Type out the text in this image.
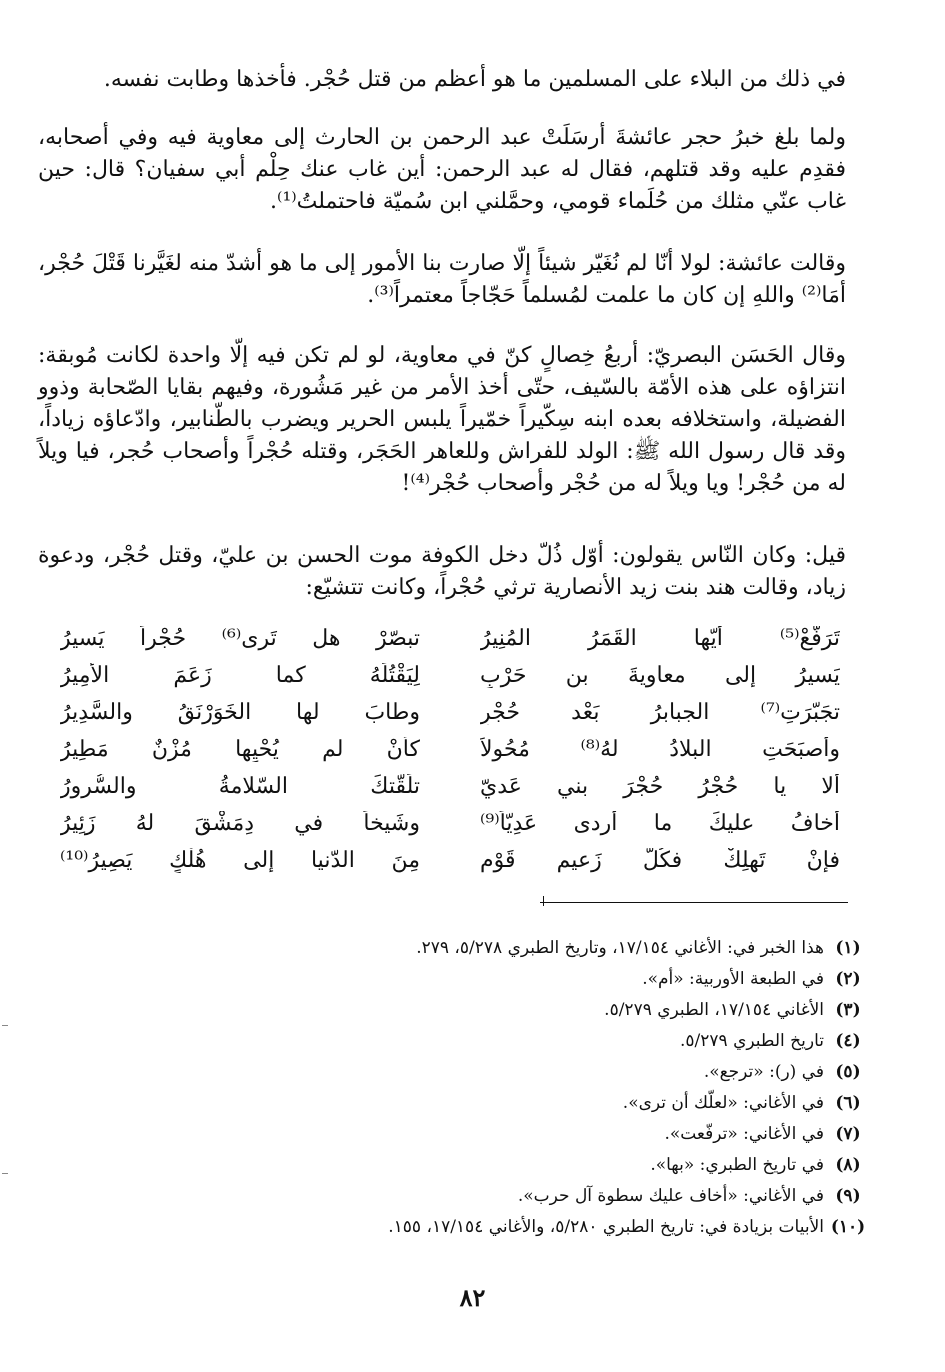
في ذلك من البلاء على المسلمين ما هو أعظم من قتل حُجْر. فأخذها وطابت نفسه.

ولما بلغ خبرُ حجر عائشةَ أرسَلَتْ عبد الرحمن بن الحارث إلى معاوية فيه وفي أصحابه، فقدِم عليه وقد قتلهم، فقال له عبد الرحمن: أين غاب عنك حِلْم أبي سفيان؟ قال: حين غاب عنّي مثلك من حُلَماء قومي، وحمَّلني ابن سُميّة فاحتملتُ⁽¹⁾.

وقالت عائشة: لولا أنّا لم نُغَيّر شيئاً إلّا صارت بنا الأمور إلى ما هو أشدّ منه لغَيَّرنا قَتْلَ حُجْر، أمَا⁽²⁾ واللهِ إن كان ما علمت لمُسلماً حَجّاجاً معتمراً⁽³⁾.

وقال الحَسَن البصريّ: أربعُ خِصالٍ كنّ في معاوية، لو لم تكن فيه إلّا واحدة لكانت مُوبقة: انتزاؤه على هذه الأمّة بالسّيف، حتّى أخذ الأمر من غير مَشُورة، وفيهم بقايا الصّحابة وذوو الفضيلة، واستخلافه بعده ابنه سِكّيراً خمّيراً يلبس الحرير ويضرب بالطّنابير، وادّعاؤه زياداً، وقد قال رسول الله ﷺ: الولد للفراش وللعاهر الحَجَر، وقتله حُجْراً وأصحاب حُجر، فيا ويلاً له من حُجْر! ويا ويلاً له من حُجْر وأصحاب حُجْر⁽⁴⁾!

قيل: وكان النّاس يقولون: أوّل ذُلّ دخل الكوفة موت الحسن بن عليّ، وقتل حُجْر، ودعوة زياد، وقالت هند بنت زيد الأنصارية ترثي حُجْراً، وكانت تتشيّع:

تَرَفّعْ⁽⁵⁾ أيّها القَمَرُ المُنِيرُ
تبصّرْ هل تَرى⁽⁶⁾ حُجْراً يَسيرُ
يَسيرُ إلى معاويةَ بنِ حَرْبٍ
لِيَقْتُلَهُ كما زَعَمَ الأمِيرُ
تجَبّرَتِ⁽⁷⁾ الجبابرُ بَعْد حُجْرٍ
وطابَ لها الخَوَرْنَقُ والسَّدِيرُ
وأصبَحَتِ البلادُ لهُ⁽⁸⁾ مُحُولاً
كأنْ لم يُحْيِها مُزْنٌ مَطِيرُ
ألا يا حُجْرُ حُجْرَ بني عَديّ
تلَقّتكَ السّلامةُ والسُّرورُ
أخافُ عليكَ ما أردى عَدِيّاً⁽⁹⁾
وشَيخاً في دِمَشْقَ لهُ زَئِيرُ
فإنْ تَهلِكْ فكُلُّ زَعيمِ قَوْمٍ
مِنَ الدّنيا إلى هُلْكٍ يَصِيرُ⁽¹⁰⁾
(١)
هذا الخبر في: الأغاني ١٧/١٥٤، وتاريخ الطبري ٥/٢٧٨، ٢٧٩.
(٢)
في الطبعة الأوربية: «أم».
(٣)
الأغاني ١٧/١٥٤، الطبري ٥/٢٧٩.
(٤)
تاريخ الطبري ٥/٢٧٩.
(٥)
في (ر): «ترجع».
(٦)
في الأغاني: «لعلّك أن ترى».
(٧)
في الأغاني: «ترفّعت».
(٨)
في تاريخ الطبري: «بها».
(٩)
في الأغاني: «أخاف عليك سطوة آل حرب».
(١٠)
الأبيات بزيادة في: تاريخ الطبري ٥/٢٨٠، والأغاني ١٧/١٥٤، ١٥٥.
٨٢
